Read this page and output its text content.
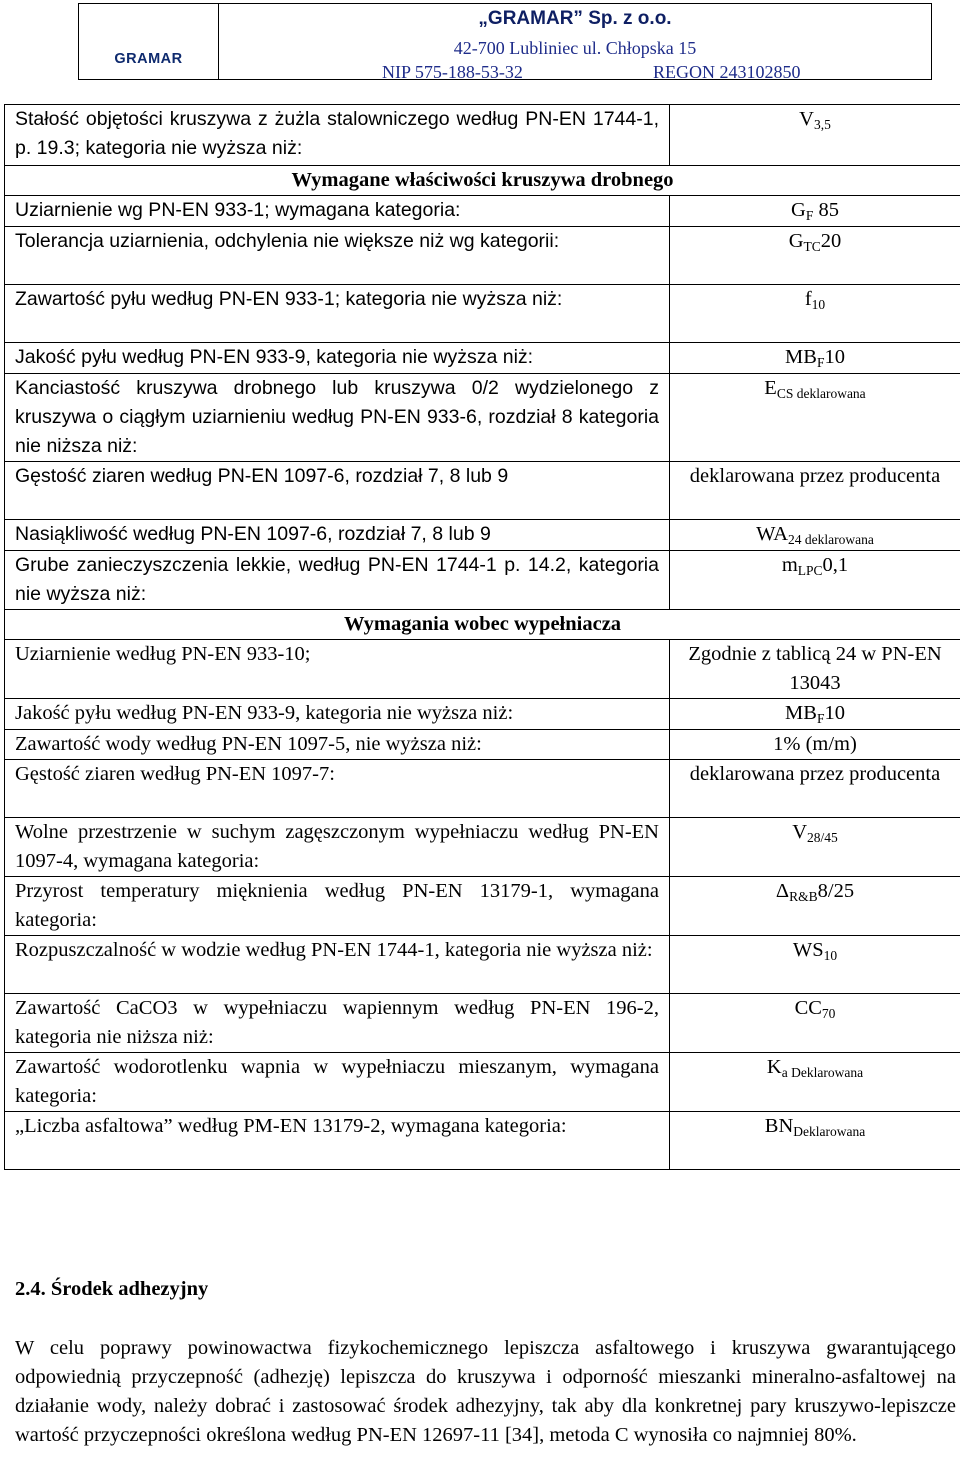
GRAMAR
„GRAMAR” Sp. z o.o.
42-700 Lubliniec ul. Chłopska 15
NIP 575-188-53-32	REGON 243102850
Stałość objętości kruszywa z żużla stalowniczego według PN-EN 1744-1, p. 19.3; kategoria nie wyższa niż:	V3,5
Wymagane właściwości kruszywa drobnego	
Uziarnienie wg PN-EN 933-1; wymagana kategoria:	GF 85
Tolerancja uziarnienia, odchylenia nie większe niż wg kategorii:	GTC20
Zawartość pyłu według PN-EN 933-1; kategoria nie wyższa niż:	f10
Jakość pyłu według PN-EN 933-9, kategoria nie wyższa niż:	MBF10
Kanciastość kruszywa drobnego lub kruszywa 0/2 wydzielonego z kruszywa o ciągłym uziarnieniu według PN-EN 933-6, rozdział 8 kategoria nie niższa niż:	ECS deklarowana
Gęstość ziaren według PN-EN 1097-6, rozdział 7, 8 lub 9	deklarowana przez producenta
Nasiąkliwość według PN-EN 1097-6, rozdział 7, 8 lub 9	WA24 deklarowana
Grube zanieczyszczenia lekkie, według PN-EN 1744-1 p. 14.2, kategoria nie wyższa niż:	mLPC0,1
Wymagania wobec wypełniacza	
Uziarnienie według PN-EN 933-10;	Zgodnie z tablicą 24 w PN-EN 13043
Jakość pyłu według PN-EN 933-9, kategoria nie wyższa niż:	MBF10
Zawartość wody według PN-EN 1097-5, nie wyższa niż:	1% (m/m)
Gęstość ziaren według PN-EN 1097-7:	deklarowana przez producenta
Wolne przestrzenie w suchym zagęszczonym wypełniaczu według PN-EN 1097-4, wymagana kategoria:	V28/45
Przyrost temperatury mięknienia według PN-EN 13179-1, wymagana kategoria:	ΔR&B8/25
Rozpuszczalność w wodzie według PN-EN 1744-1, kategoria nie wyższa niż:	WS10
Zawartość CaCO3 w wypełniaczu wapiennym według PN-EN 196-2, kategoria nie niższa niż:	CC70
Zawartość wodorotlenku wapnia w wypełniaczu mieszanym, wymagana kategoria:	Ka Deklarowana
„Liczba asfaltowa” według PM-EN 13179-2, wymagana kategoria:	BNDeklarowana
2.4. Środek adhezyjny
W celu poprawy powinowactwa fizykochemicznego lepiszcza asfaltowego i kruszywa gwarantującego odpowiednią przyczepność (adhezję) lepiszcza do kruszywa i odporność mieszanki mineralno-asfaltowej na działanie wody, należy dobrać i zastosować środek adhezyjny, tak aby dla konkretnej pary kruszywo-lepiszcze wartość przyczepności określona według PN-EN 12697-11 [34], metoda C wynosiła co najmniej 80%.
